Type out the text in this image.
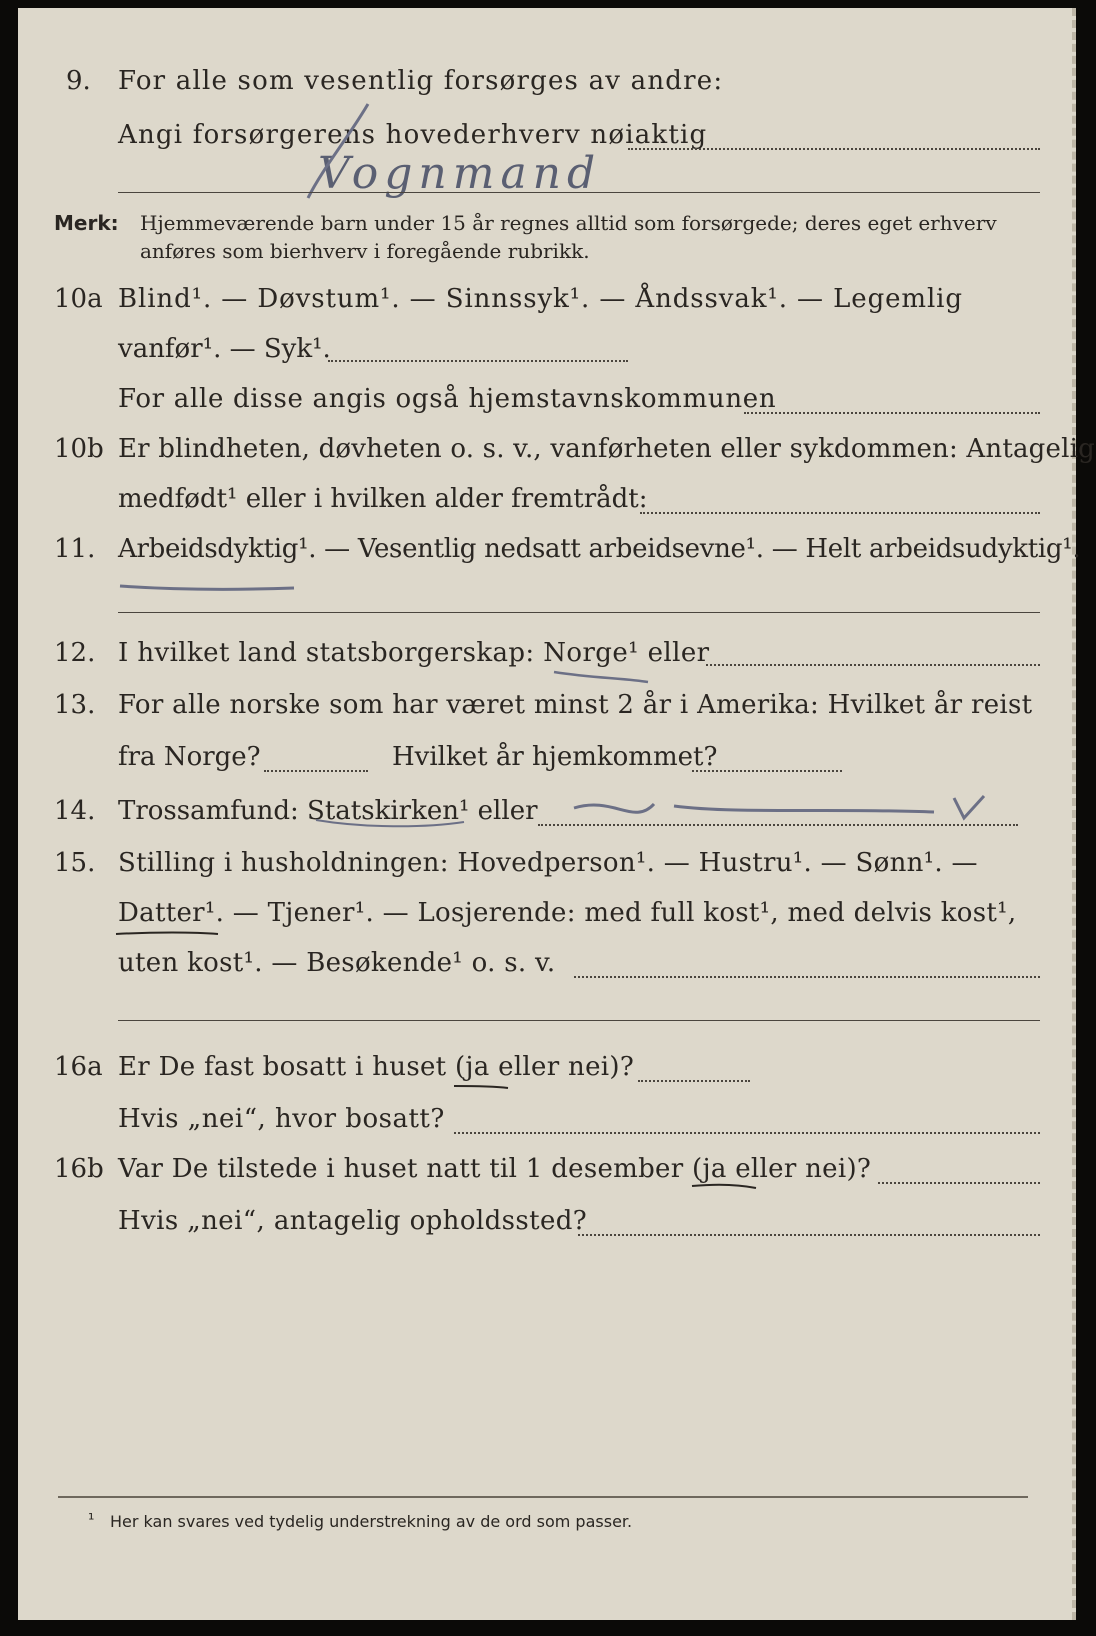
9. For alle som vesentlig forsørges av andre:
Angi forsørgerens hovederhverv nøiaktig
Vognmand
Merk: Hjemmeværende barn under 15 år regnes alltid som forsørgede; deres eget erhverv
anføres som bierhverv i foregående rubrikk.
10a Blind¹. — Døvstum¹. — Sinnssyk¹. — Åndssvak¹. — Legemlig
vanfør¹. — Syk¹.
For alle disse angis også hjemstavnskommunen
10b Er blindheten, døvheten o. s. v., vanførheten eller sykdommen: Antagelig
medfødt¹ eller i hvilken alder fremtrådt:
11. Arbeidsdyktig¹. — Vesentlig nedsatt arbeidsevne¹. — Helt arbeidsudyktig¹.
12. I hvilket land statsborgerskap: Norge¹ eller
13. For alle norske som har været minst 2 år i Amerika: Hvilket år reist
fra Norge?	Hvilket år hjemkommet?
14. Trossamfund: Statskirken¹ eller
15. Stilling i husholdningen: Hovedperson¹. — Hustru¹. — Sønn¹. —
Datter¹. — Tjener¹. — Losjerende: med full kost¹, med delvis kost¹,
uten kost¹. — Besøkende¹ o. s. v.
16a Er De fast bosatt i huset (ja eller nei)?
Hvis „nei“, hvor bosatt?
16b Var De tilstede i huset natt til 1 desember (ja eller nei)?
Hvis „nei“, antagelig opholdssted?
¹ Her kan svares ved tydelig understrekning av de ord som passer.
